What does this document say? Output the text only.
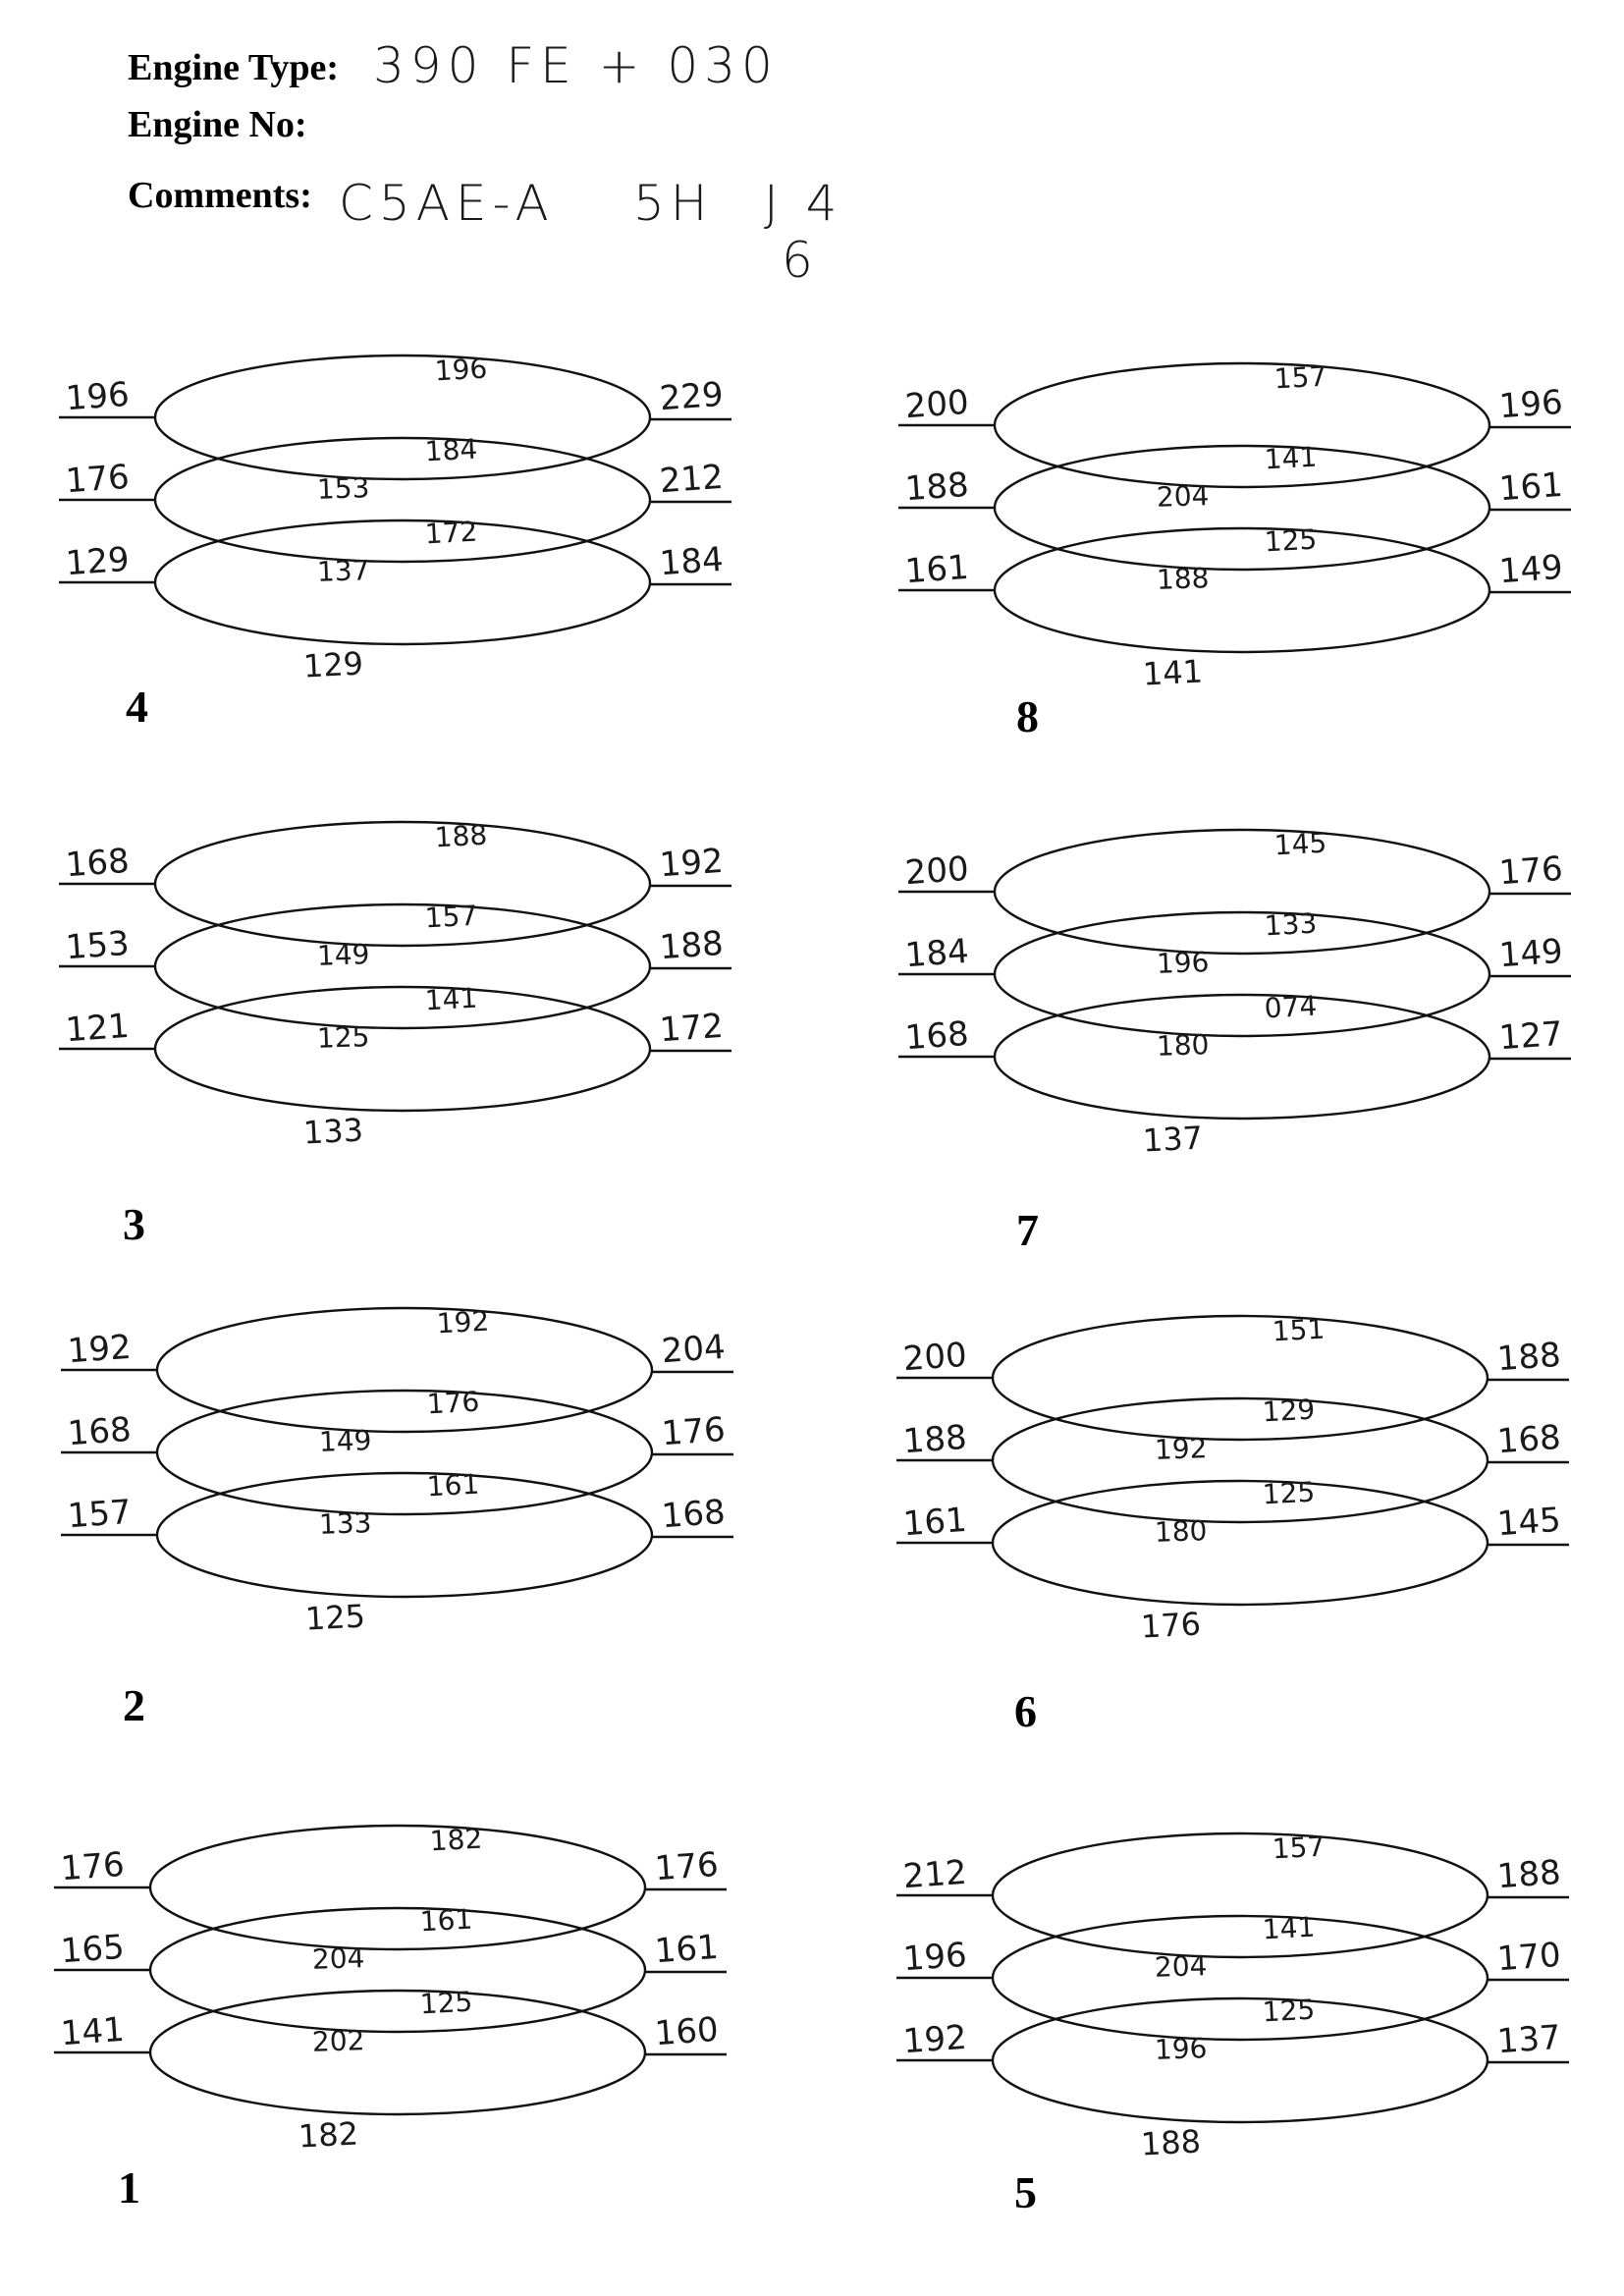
Engine Type: 390 FE + 030
Engine No:
Comments: C5AE-A 5H J 4
6
196	229
196
176	212
184
153
129	184
172
137
129
4
200	196
157
188	161
141
204
161	149
125
188
141
8
168	192
188
153	188
157
149
121	172
141
125
133
3
200	176
145
184	149
133
196
168	127
074
180
137
7
192	204
192
168	176
176
149
157	168
161
133
125
2
200	188
151
188	168
129
192
161	145
125
180
176
6
176	176
182
165	161
161
204
141	160
125
202
182
1
212	188
157
196	170
141
204
192	137
125
196
188
5
